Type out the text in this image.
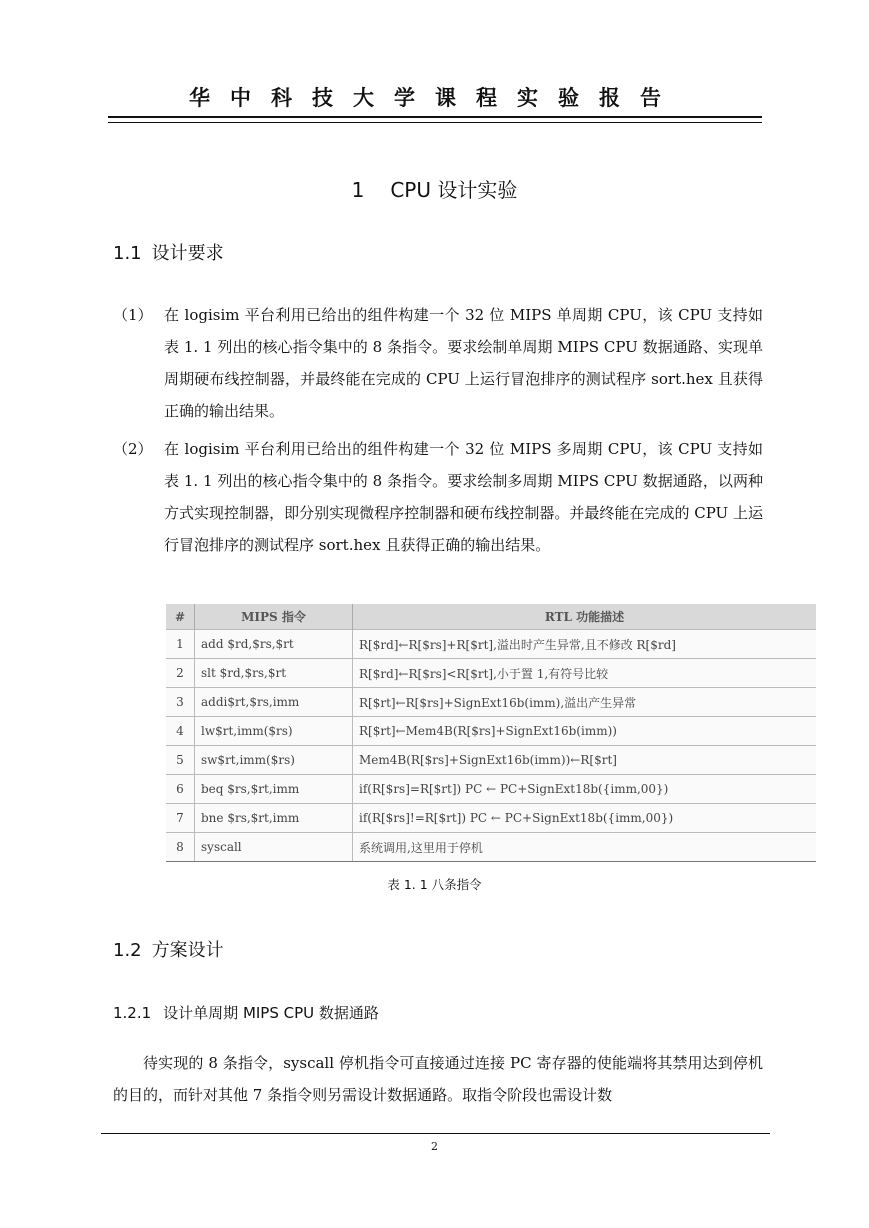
华中科技大学课程实验报告
1 CPU 设计实验
1.1 设计要求
（1） 在 logisim 平台利用已给出的组件构建一个 32 位 MIPS 单周期 CPU，该 CPU 支持如表 1. 1 列出的核心指令集中的 8 条指令。要求绘制单周期 MIPS CPU 数据通路、实现单周期硬布线控制器，并最终能在完成的 CPU 上运行冒泡排序的测试程序 sort.hex 且获得正确的输出结果。
（2） 在 logisim 平台利用已给出的组件构建一个 32 位 MIPS 多周期 CPU，该 CPU 支持如表 1. 1 列出的核心指令集中的 8 条指令。要求绘制多周期 MIPS CPU 数据通路，以两种方式实现控制器，即分别实现微程序控制器和硬布线控制器。并最终能在完成的 CPU 上运行冒泡排序的测试程序 sort.hex 且获得正确的输出结果。
#	MIPS 指令	RTL 功能描述
1	add $rd,$rs,$rt	R[$rd]←R[$rs]+R[$rt],溢出时产生异常,且不修改 R[$rd]
2	slt $rd,$rs,$rt	R[$rd]←R[$rs]<R[$rt],小于置 1,有符号比较
3	addi$rt,$rs,imm	R[$rt]←R[$rs]+SignExt16b(imm),溢出产生异常
4	lw$rt,imm($rs)	R[$rt]←Mem4B(R[$rs]+SignExt16b(imm))
5	sw$rt,imm($rs)	Mem4B(R[$rs]+SignExt16b(imm))←R[$rt]
6	beq $rs,$rt,imm	if(R[$rs]=R[$rt]) PC ← PC+SignExt18b({imm,00})
7	bne $rs,$rt,imm	if(R[$rs]!=R[$rt]) PC ← PC+SignExt18b({imm,00})
8	syscall	系统调用,这里用于停机
表 1. 1 八条指令
1.2 方案设计
1.2.1 设计单周期 MIPS CPU 数据通路
待实现的 8 条指令，syscall 停机指令可直接通过连接 PC 寄存器的使能端将其禁用达到停机的目的，而针对其他 7 条指令则另需设计数据通路。取指令阶段也需设计数
2
